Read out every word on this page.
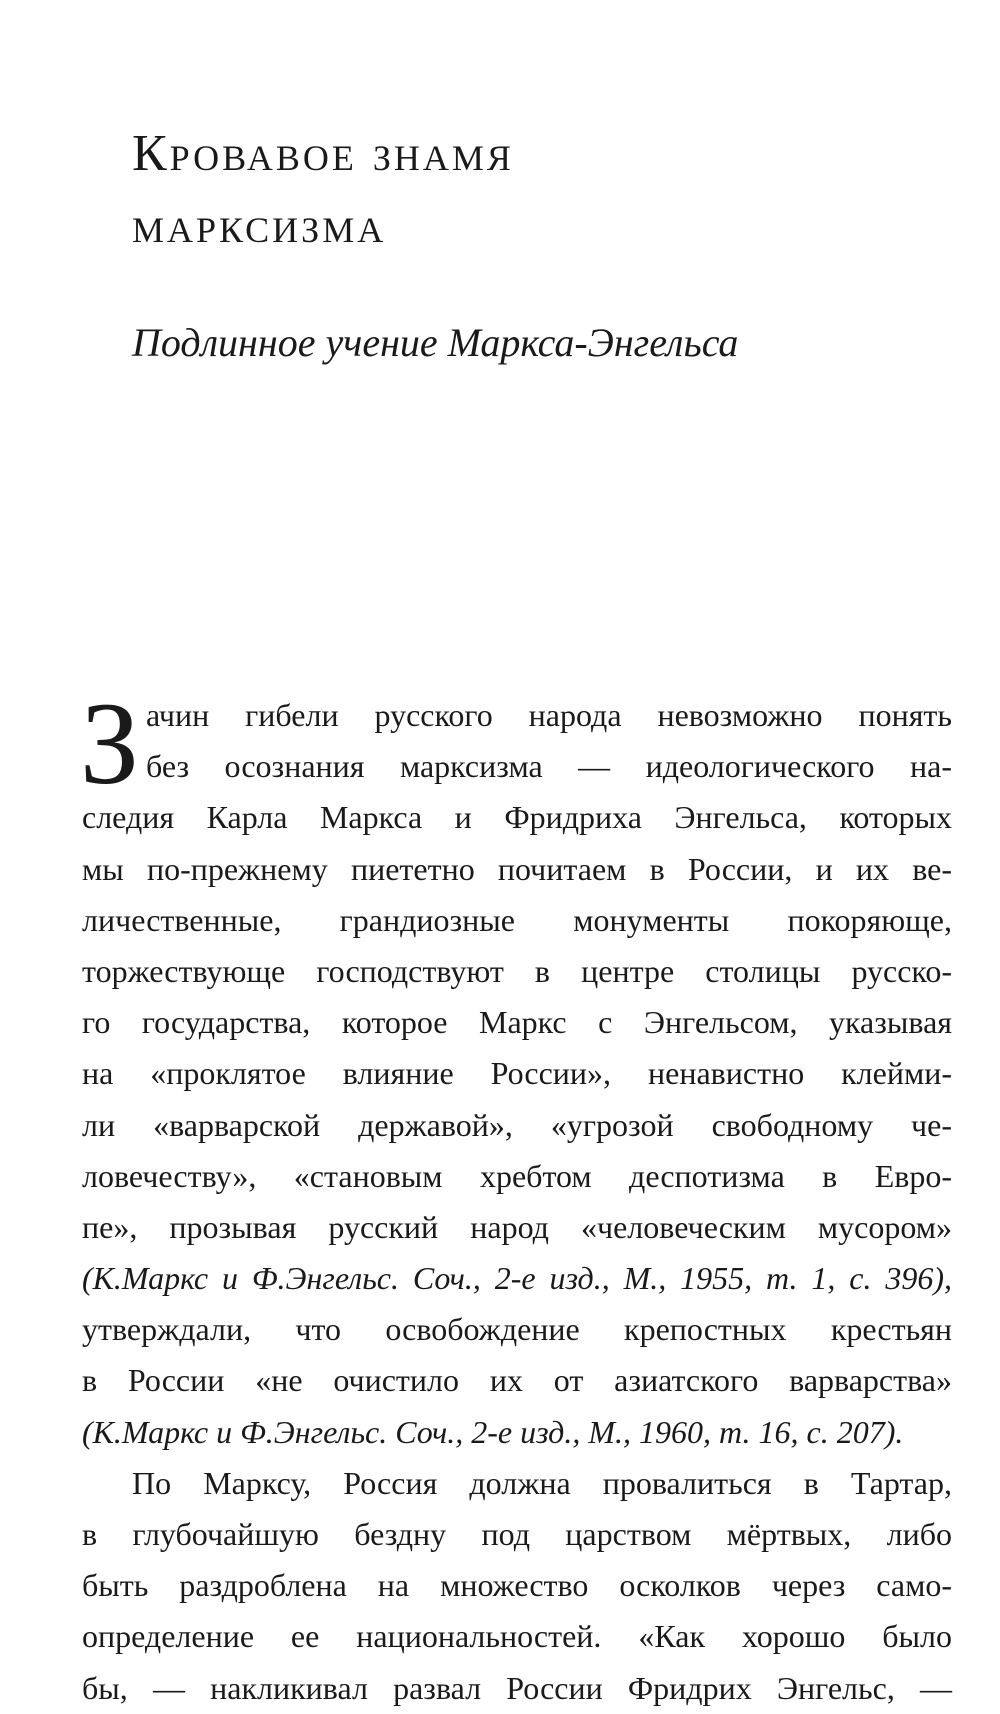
Кровавое знамя
марксизма
Подлинное учение Маркса-Энгельса
З ачин гибели русского народа невозможно понять
без осознания марксизма — идеологического на-
следия Карла Маркса и Фридриха Энгельса, которых
мы по-прежнему пиететно почитаем в России, и их ве-
личественные, грандиозные монументы покоряюще,
торжествующе господствуют в центре столицы русско-
го государства, которое Маркс с Энгельсом, указывая
на «проклятое влияние России», ненавистно клейми-
ли «варварской державой», «угрозой свободному че-
ловечеству», «становым хребтом деспотизма в Евро-
пе», прозывая русский народ «человеческим мусором»
(К.Маркс и Ф.Энгельс. Соч., 2-е изд., М., 1955, т. 1, с. 396),
утверждали, что освобождение крепостных крестьян
в России «не очистило их от азиатского варварства»
(К.Маркс и Ф.Энгельс. Соч., 2-е изд., М., 1960, т. 16, с. 207).
По Марксу, Россия должна провалиться в Тартар,
в глубочайшую бездну под царством мёртвых, либо
быть раздроблена на множество осколков через само-
определение ее национальностей. «Как хорошо было
бы, — накликивал развал России Фридрих Энгельс, —
